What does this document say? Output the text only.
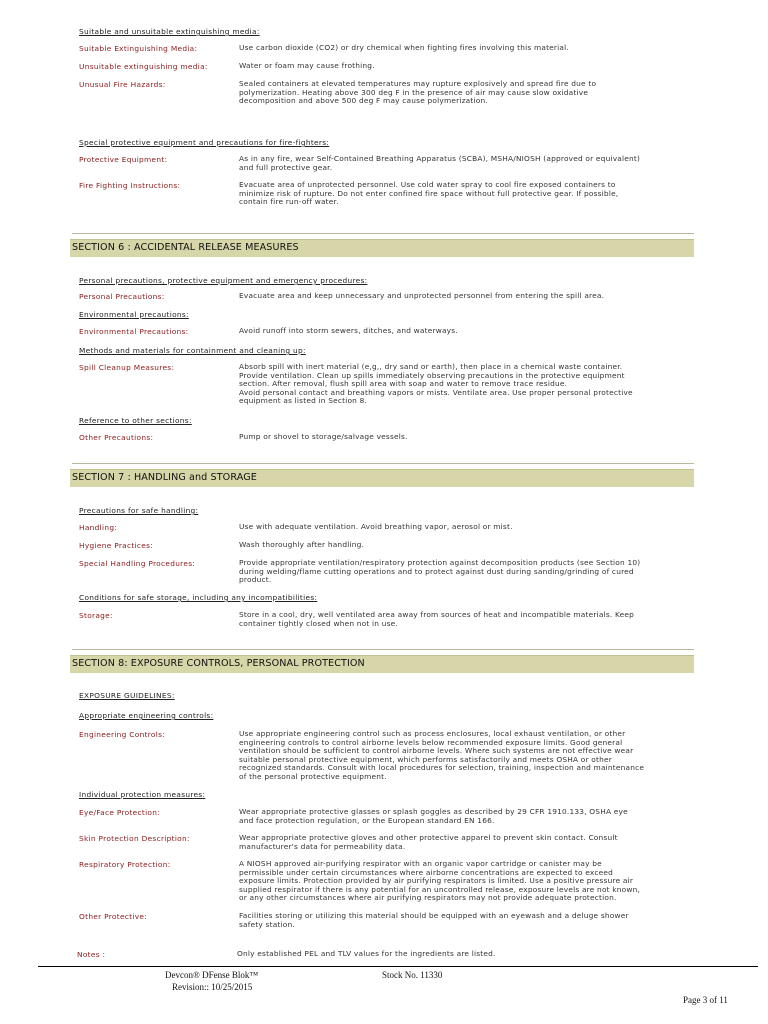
Suitable and unsuitable extinguishing media:
Suitable Extinguishing Media:	Use carbon dioxide (CO2) or dry chemical when fighting fires involving this material.
Unsuitable extinguishing media:	Water or foam may cause frothing.
Unusual Fire Hazards:	Sealed containers at elevated temperatures may rupture explosively and spread fire due to
polymerization. Heating above 300 deg F in the presence of air may cause slow oxidative
decomposition and above 500 deg F may cause polymerization.
Special protective equipment and precautions for fire-fighters:
Protective Equipment:	As in any fire, wear Self-Contained Breathing Apparatus (SCBA), MSHA/NIOSH (approved or equivalent)
and full protective gear.
Fire Fighting Instructions:	Evacuate area of unprotected personnel. Use cold water spray to cool fire exposed containers to
minimize risk of rupture. Do not enter confined fire space without full protective gear. If possible,
contain fire run-off water.
SECTION 6 : ACCIDENTAL RELEASE MEASURES
Personal precautions, protective equipment and emergency procedures:
Personal Precautions:	Evacuate area and keep unnecessary and unprotected personnel from entering the spill area.
Environmental precautions:
Environmental Precautions:	Avoid runoff into storm sewers, ditches, and waterways.
Methods and materials for containment and cleaning up:
Spill Cleanup Measures:	Absorb spill with inert material (e,g,, dry sand or earth), then place in a chemical waste container.
Provide ventilation. Clean up spills immediately observing precautions in the protective equipment
section. After removal, flush spill area with soap and water to remove trace residue.
Avoid personal contact and breathing vapors or mists. Ventilate area. Use proper personal protective
equipment as listed in Section 8.
Reference to other sections:
Other Precautions:	Pump or shovel to storage/salvage vessels.
SECTION 7 : HANDLING and STORAGE
Precautions for safe handling:
Handling:	Use with adequate ventilation. Avoid breathing vapor, aerosol or mist.
Hygiene Practices:	Wash thoroughly after handling.
Special Handling Procedures:	Provide appropriate ventilation/respiratory protection against decomposition products (see Section 10)
during welding/flame cutting operations and to protect against dust during sanding/grinding of cured
product.
Conditions for safe storage, including any incompatibilities:
Storage:	Store in a cool, dry, well ventilated area away from sources of heat and incompatible materials. Keep
container tightly closed when not in use.
SECTION 8: EXPOSURE CONTROLS, PERSONAL PROTECTION
EXPOSURE GUIDELINES:
Appropriate engineering controls:
Engineering Controls:	Use appropriate engineering control such as process enclosures, local exhaust ventilation, or other
engineering controls to control airborne levels below recommended exposure limits. Good general
ventilation should be sufficient to control airborne levels. Where such systems are not effective wear
suitable personal protective equipment, which performs satisfactorily and meets OSHA or other
recognized standards. Consult with local procedures for selection, training, inspection and maintenance
of the personal protective equipment.
Individual protection measures:
Eye/Face Protection:	Wear appropriate protective glasses or splash goggles as described by 29 CFR 1910.133, OSHA eye
and face protection regulation, or the European standard EN 166.
Skin Protection Description:	Wear appropriate protective gloves and other protective apparel to prevent skin contact. Consult
manufacturer's data for permeability data.
Respiratory Protection:	A NIOSH approved air-purifying respirator with an organic vapor cartridge or canister may be
permissible under certain circumstances where airborne concentrations are expected to exceed
exposure limits. Protection provided by air purifying respirators is limited. Use a positive pressure air
supplied respirator if there is any potential for an uncontrolled release, exposure levels are not known,
or any other circumstances where air purifying respirators may not provide adequate protection.
Other Protective:	Facilities storing or utilizing this material should be equipped with an eyewash and a deluge shower
safety station.
Notes :	Only established PEL and TLV values for the ingredients are listed.
Devcon® DFense Blok™
Revision:: 10/25/2015
Stock No. 11330
Page 3 of 11
